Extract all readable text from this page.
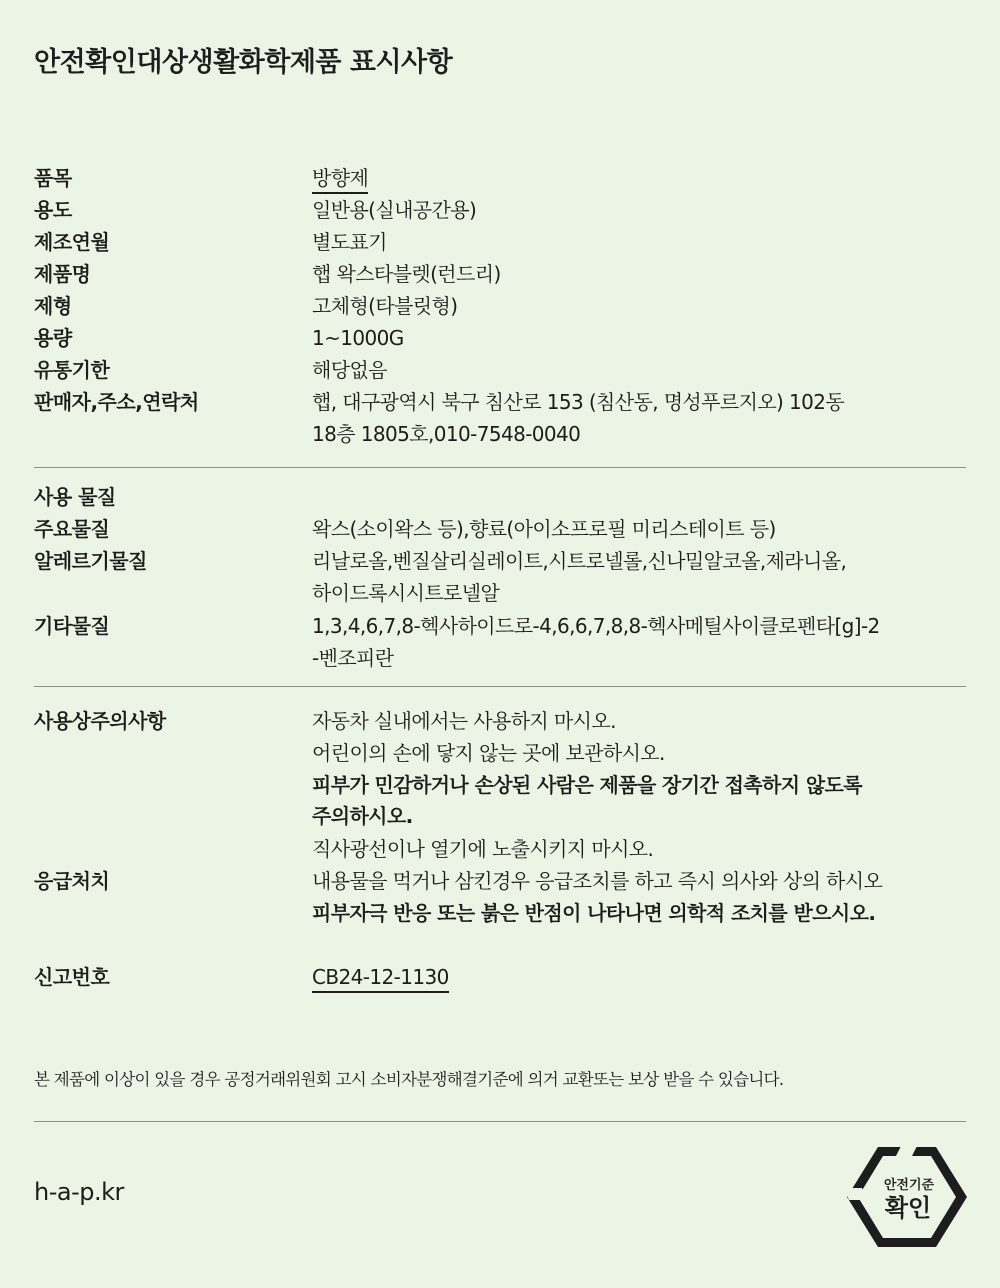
안전확인대상생활화학제품 표시사항
품목	방향제
용도	일반용(실내공간용)
제조연월	별도표기
제품명	햅 왁스타블렛(런드리)
제형	고체형(타블릿형)
용량	1~1000G
유통기한	해당없음
판매자,주소,연락처	햅, 대구광역시 북구 침산로 153 (침산동, 명성푸르지오) 102동
18층 1805호,010-7548-0040
사용 물질
주요물질	왁스(소이왁스 등),향료(아이소프로필 미리스테이트 등)
알레르기물질	리날로올,벤질살리실레이트,시트로넬롤,신나밀알코올,제라니올,
하이드록시시트로넬알
기타물질	1,3,4,6,7,8-헥사하이드로-4,6,6,7,8,8-헥사메틸사이클로펜타[g]-2
-벤조피란
사용상주의사항	자동차 실내에서는 사용하지 마시오.
어린이의 손에 닿지 않는 곳에 보관하시오.
피부가 민감하거나 손상된 사람은 제품을 장기간 접촉하지 않도록
주의하시오.
직사광선이나 열기에 노출시키지 마시오.
응급처치	내용물을 먹거나 삼킨경우 응급조치를 하고 즉시 의사와 상의 하시오
피부자극 반응 또는 붉은 반점이 나타나면 의학적 조치를 받으시오.
신고번호	CB24-12-1130
본 제품에 이상이 있을 경우 공정거래위원회 고시 소비자분쟁해결기준에 의거 교환또는 보상 받을 수 있습니다.
h-a-p.kr	안전기준
확인
